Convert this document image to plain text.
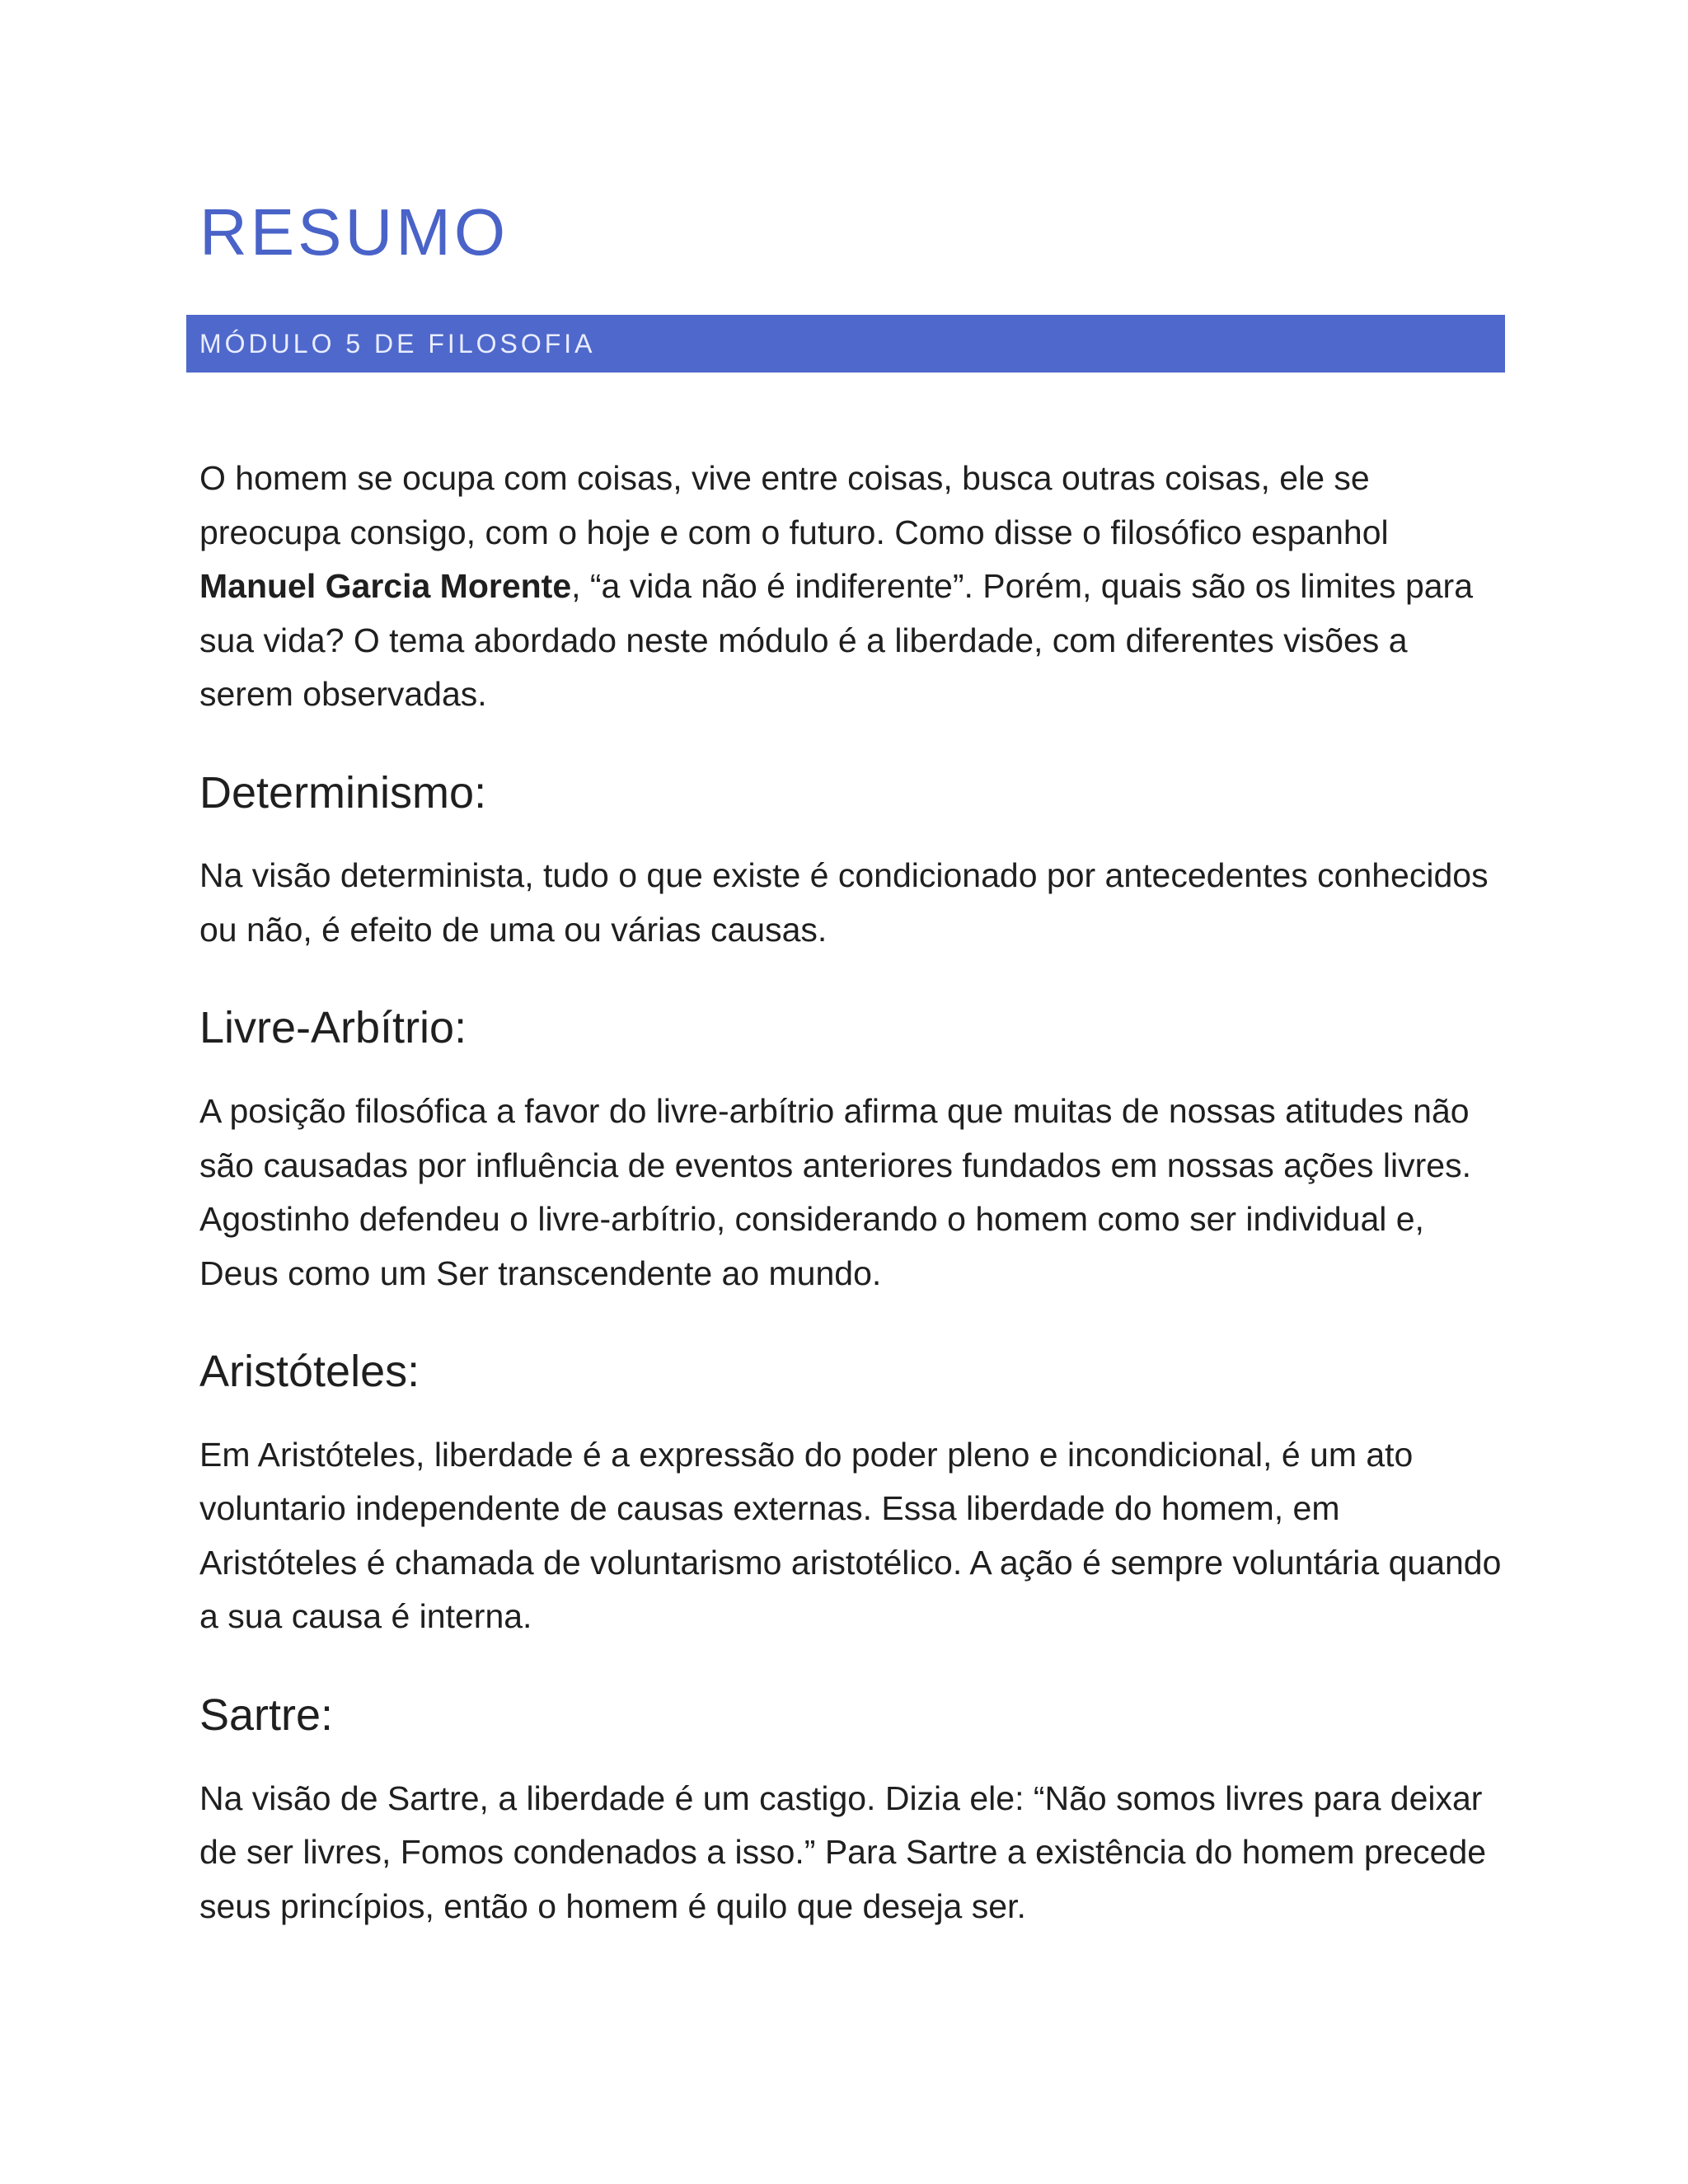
RESUMO
MÓDULO 5 DE FILOSOFIA

O homem se ocupa com coisas, vive entre coisas, busca outras coisas, ele se preocupa consigo, com o hoje e com o futuro. Como disse o filosófico espanhol Manuel Garcia Morente, “a vida não é indiferente”. Porém, quais são os limites para sua vida? O tema abordado neste módulo é a liberdade, com diferentes visões a serem observadas.

Determinismo:

Na visão determinista, tudo o que existe é condicionado por antecedentes conhecidos ou não, é efeito de uma ou várias causas.

Livre-Arbítrio:

A posição filosófica a favor do livre-arbítrio afirma que muitas de nossas atitudes não são causadas por influência de eventos anteriores fundados em nossas ações livres. Agostinho defendeu o livre-arbítrio, considerando o homem como ser individual e, Deus como um Ser transcendente ao mundo.

Aristóteles:

Em Aristóteles, liberdade é a expressão do poder pleno e incondicional, é um ato voluntario independente de causas externas. Essa liberdade do homem, em Aristóteles é chamada de voluntarismo aristotélico. A ação é sempre voluntária quando a sua causa é interna.

Sartre:

Na visão de Sartre, a liberdade é um castigo. Dizia ele: “Não somos livres para deixar de ser livres, Fomos condenados a isso.” Para Sartre a existência do homem precede seus princípios, então o homem é quilo que deseja ser.
